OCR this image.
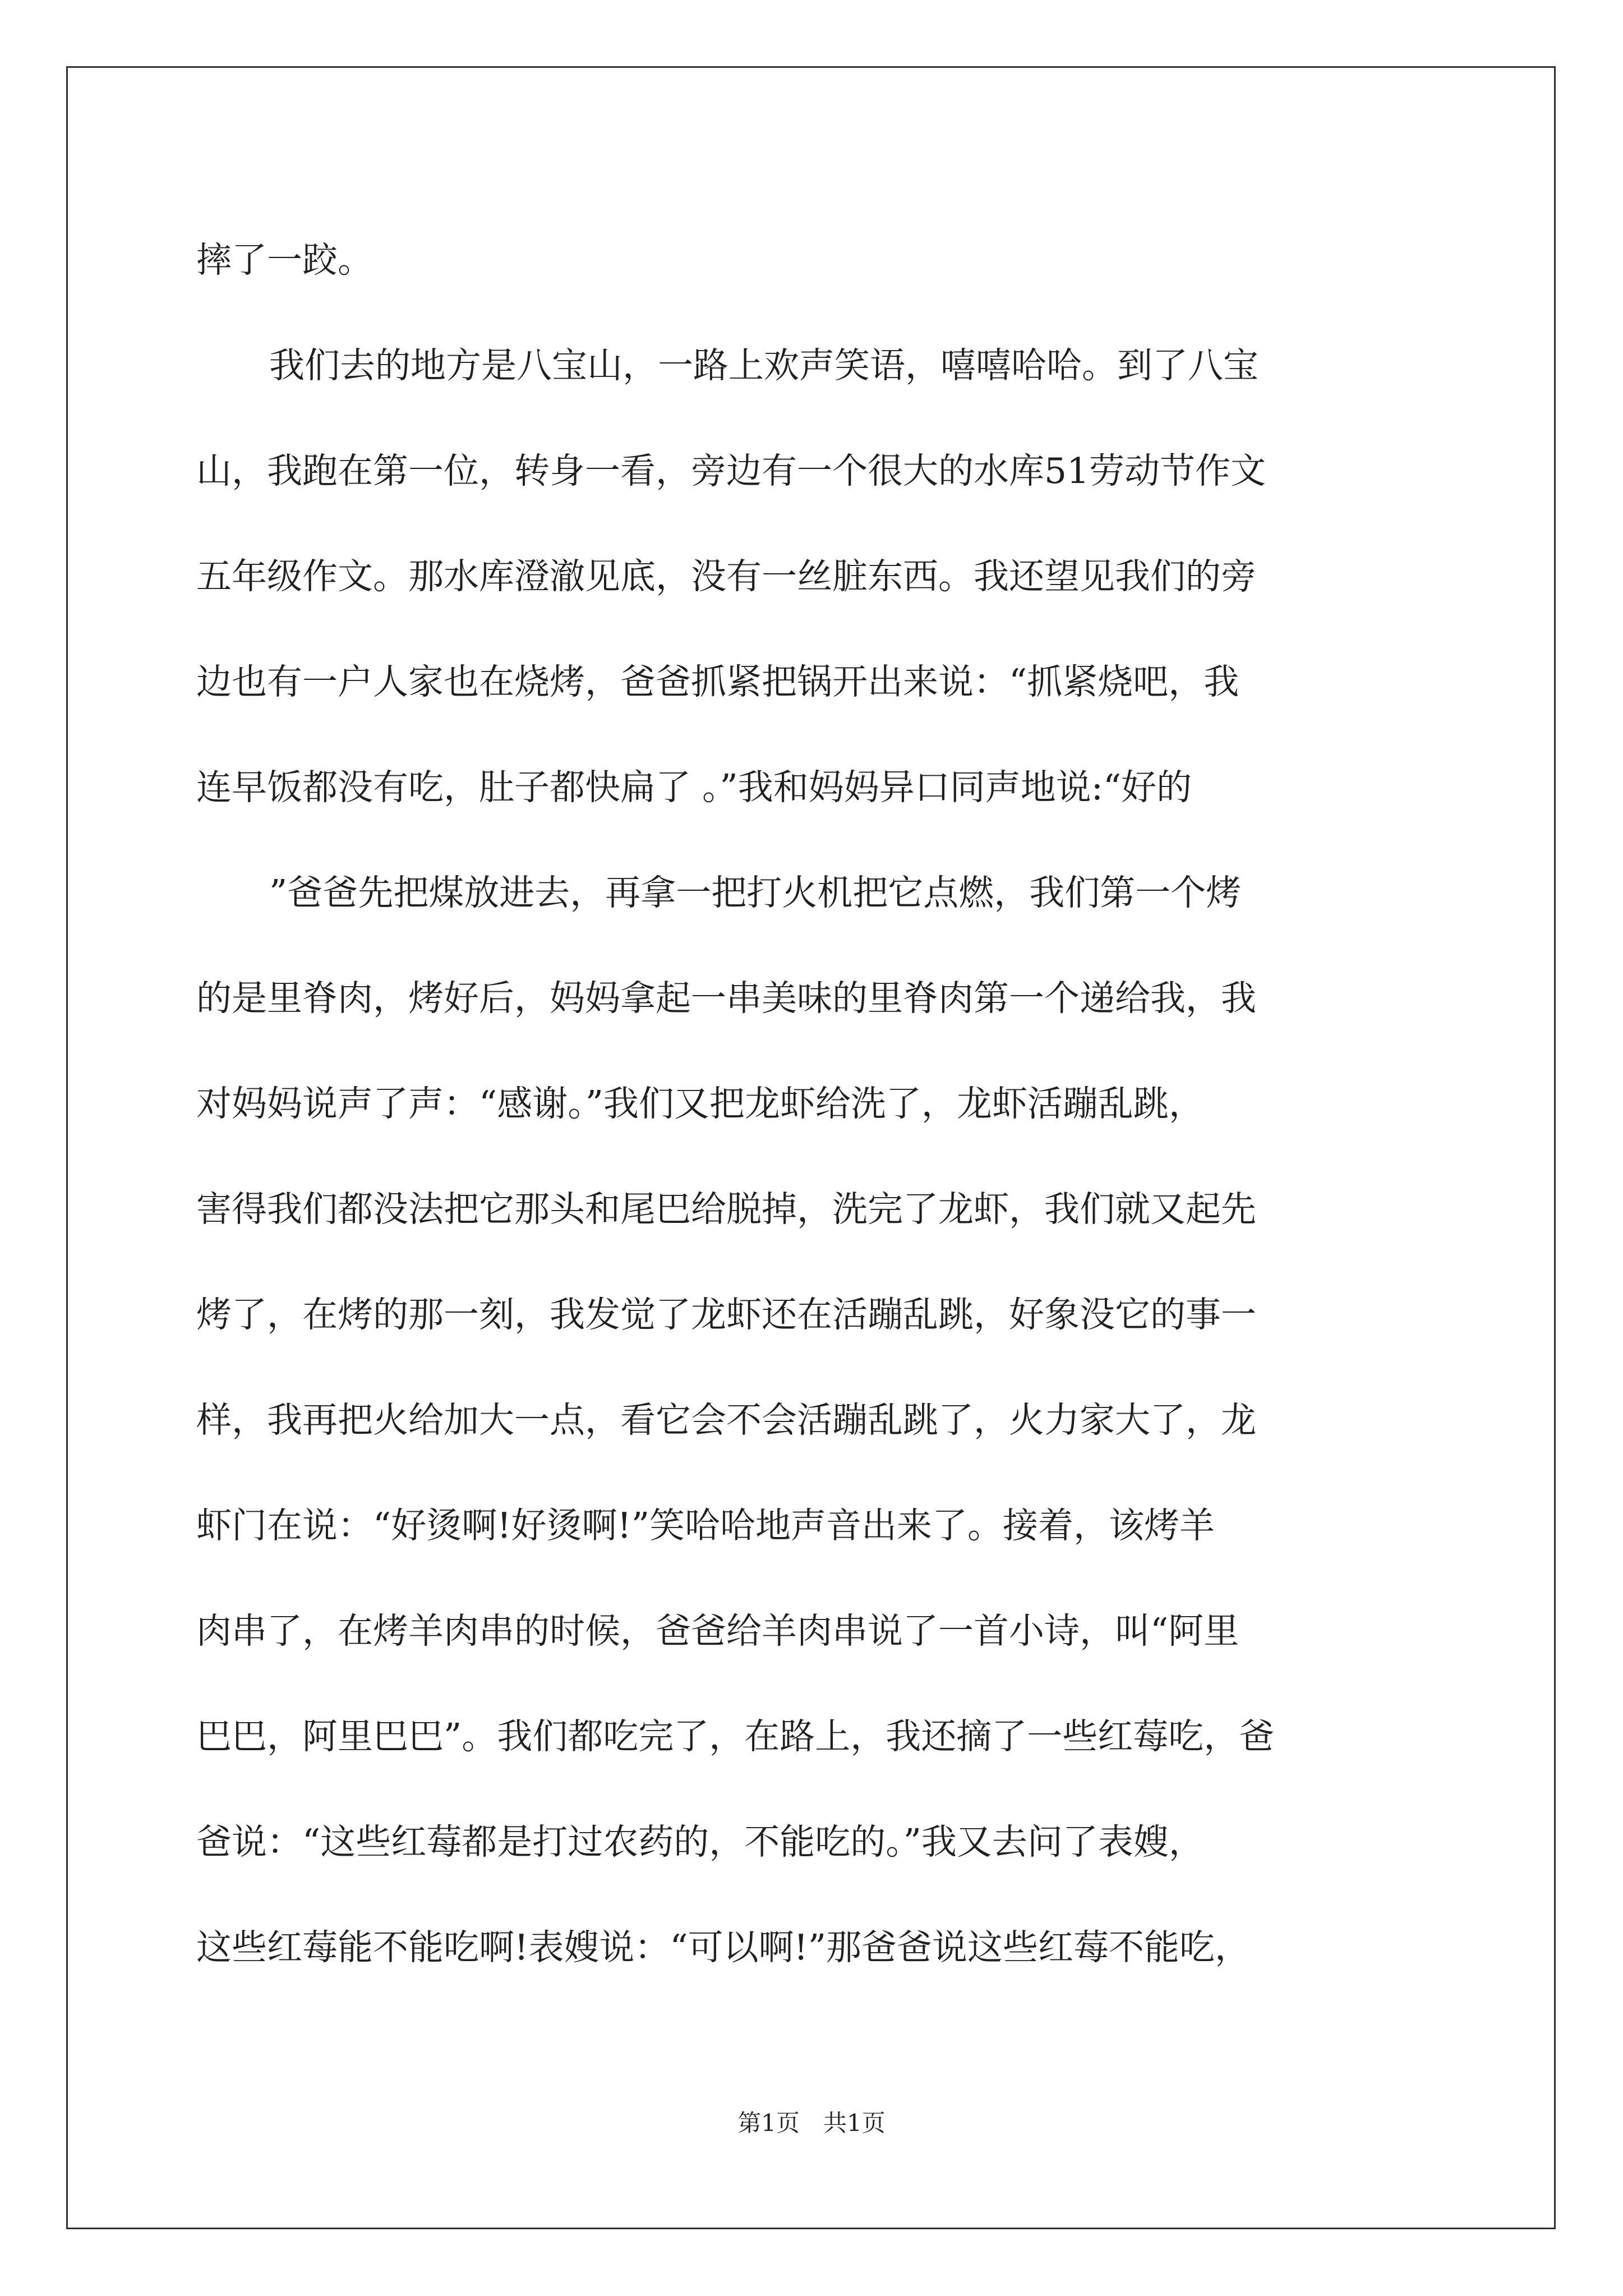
摔了一跤。

我们去的地方是八宝山，一路上欢声笑语，嘻嘻哈哈。到了八宝

山，我跑在第一位，转身一看，旁边有一个很大的水库51劳动节作文

五年级作文。那水库澄澈见底，没有一丝脏东西。我还望见我们的旁

边也有一户人家也在烧烤，爸爸抓紧把锅开出来说：“抓紧烧吧，我

连早饭都没有吃，肚子都快扁了 。”我和妈妈异口同声地说:“好的

”爸爸先把煤放进去，再拿一把打火机把它点燃，我们第一个烤

的是里脊肉，烤好后，妈妈拿起一串美味的里脊肉第一个递给我，我

对妈妈说声了声：“感谢。”我们又把龙虾给洗了，龙虾活蹦乱跳，

害得我们都没法把它那头和尾巴给脱掉，洗完了龙虾，我们就又起先

烤了，在烤的那一刻，我发觉了龙虾还在活蹦乱跳，好象没它的事一

样，我再把火给加大一点，看它会不会活蹦乱跳了，火力家大了，龙

虾门在说：“好烫啊!好烫啊!”笑哈哈地声音出来了。接着，该烤羊

肉串了，在烤羊肉串的时候，爸爸给羊肉串说了一首小诗，叫“阿里

巴巴，阿里巴巴”。我们都吃完了，在路上，我还摘了一些红莓吃，爸

爸说：“这些红莓都是打过农药的，不能吃的。”我又去问了表嫂，

这些红莓能不能吃啊!表嫂说：“可以啊!”那爸爸说这些红莓不能吃，

第1页　共1页
